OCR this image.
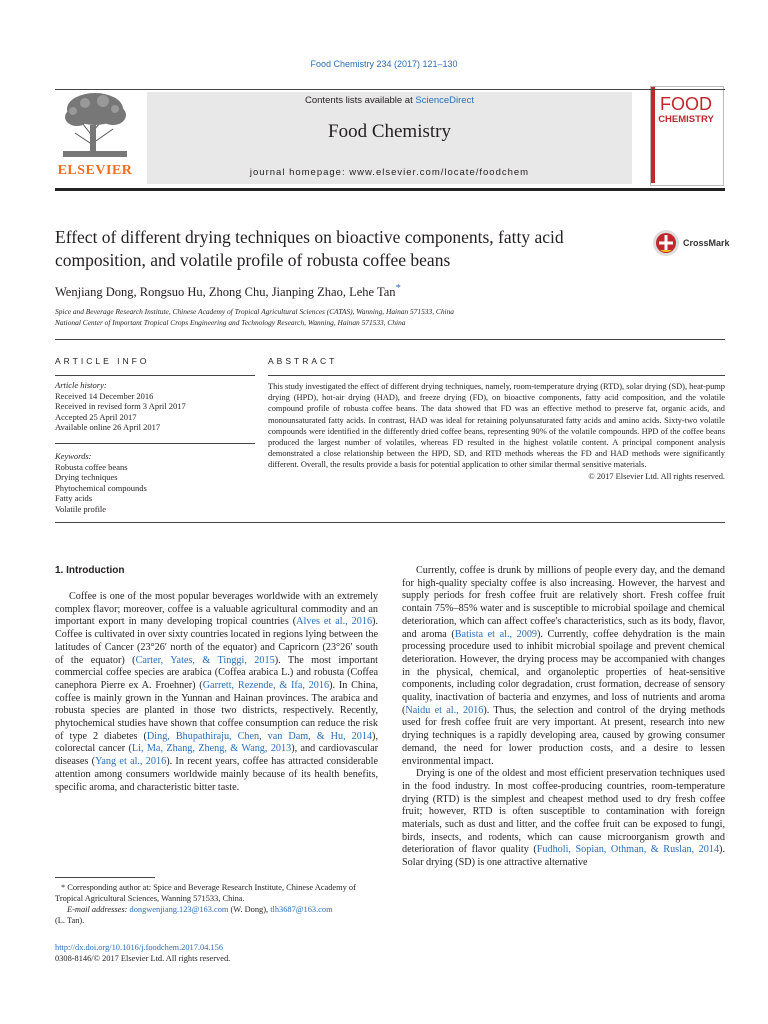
Food Chemistry 234 (2017) 121–130
ELSEVIER
Contents lists available at ScienceDirect
Food Chemistry
journal homepage: www.elsevier.com/locate/foodchem
FOOD
CHEMISTRY
Effect of different drying techniques on bioactive components, fatty acid
composition, and volatile profile of robusta coffee beans
CrossMark
Wenjiang Dong, Rongsuo Hu, Zhong Chu, Jianping Zhao, Lehe Tan*
Spice and Beverage Research Institute, Chinese Academy of Tropical Agricultural Sciences (CATAS), Wanning, Hainan 571533, China
National Center of Important Tropical Crops Engineering and Technology Research, Wanning, Hainan 571533, China
ARTICLE INFO
Article history:
Received 14 December 2016
Received in revised form 3 April 2017
Accepted 25 April 2017
Available online 26 April 2017
Keywords:
Robusta coffee beans
Drying techniques
Phytochemical compounds
Fatty acids
Volatile profile
ABSTRACT
This study investigated the effect of different drying techniques, namely, room-temperature drying (RTD), solar drying (SD), heat-pump drying (HPD), hot-air drying (HAD), and freeze drying (FD), on bioactive components, fatty acid composition, and the volatile compound profile of robusta coffee beans. The data showed that FD was an effective method to preserve fat, organic acids, and monounsaturated fatty acids. In contrast, HAD was ideal for retaining polyunsaturated fatty acids and amino acids. Sixty-two volatile compounds were identified in the differently dried coffee beans, representing 90% of the volatile compounds. HPD of the coffee beans produced the largest number of volatiles, whereas FD resulted in the highest volatile content. A principal component analysis demonstrated a close relationship between the HPD, SD, and RTD methods whereas the FD and HAD methods were significantly different. Overall, the results provide a basis for potential application to other similar thermal sensitive materials.
© 2017 Elsevier Ltd. All rights reserved.
1. Introduction

Coffee is one of the most popular beverages worldwide with an extremely complex flavor; moreover, coffee is a valuable agricultural commodity and an important export in many developing tropical countries (Alves et al., 2016). Coffee is cultivated in over sixty countries located in regions lying between the latitudes of Cancer (23°26′ north of the equator) and Capricorn (23°26′ south of the equator) (Carter, Yates, & Tinggi, 2015). The most important commercial coffee species are arabica (Coffea arabica L.) and robusta (Coffea canephora Pierre ex A. Froehner) (Garrett, Rezende, & Ifa, 2016). In China, coffee is mainly grown in the Yunnan and Hainan provinces. The arabica and robusta species are planted in those two districts, respectively. Recently, phytochemical studies have shown that coffee consumption can reduce the risk of type 2 diabetes (Ding, Bhupathiraju, Chen, van Dam, & Hu, 2014), colorectal cancer (Li, Ma, Zhang, Zheng, & Wang, 2013), and cardiovascular diseases (Yang et al., 2016). In recent years, coffee has attracted considerable attention among consumers worldwide mainly because of its health benefits, specific aroma, and characteristic bitter taste.

Currently, coffee is drunk by millions of people every day, and the demand for high-quality specialty coffee is also increasing. However, the harvest and supply periods for fresh coffee fruit are relatively short. Fresh coffee fruit contain 75%–85% water and is susceptible to microbial spoilage and chemical deterioration, which can affect coffee's characteristics, such as its body, flavor, and aroma (Batista et al., 2009). Currently, coffee dehydration is the main processing procedure used to inhibit microbial spoilage and prevent chemical deterioration. However, the drying process may be accompanied with changes in the physical, chemical, and organoleptic properties of heat-sensitive components, including color degradation, crust formation, decrease of sensory quality, inactivation of bacteria and enzymes, and loss of nutrients and aroma (Naidu et al., 2016). Thus, the selection and control of the drying methods used for fresh coffee fruit are very important. At present, research into new drying techniques is a rapidly developing area, caused by growing consumer demand, the need for lower production costs, and a desire to lessen environmental impact.

Drying is one of the oldest and most efficient preservation techniques used in the food industry. In most coffee-producing countries, room-temperature drying (RTD) is the simplest and cheapest method used to dry fresh coffee fruit; however, RTD is often susceptible to contamination with foreign materials, such as dust and litter, and the coffee fruit can be exposed to fungi, birds, insects, and rodents, which can cause microorganism growth and deterioration of flavor quality (Fudholi, Sopian, Othman, & Ruslan, 2014). Solar drying (SD) is one attractive alternative

* Corresponding author at: Spice and Beverage Research Institute, Chinese Academy of Tropical Agricultural Sciences, Wanning 571533, China.
E-mail addresses: dongwenjiang.123@163.com (W. Dong), tlh3687@163.com
(L. Tan).
http://dx.doi.org/10.1016/j.foodchem.2017.04.156
0308-8146/© 2017 Elsevier Ltd. All rights reserved.
